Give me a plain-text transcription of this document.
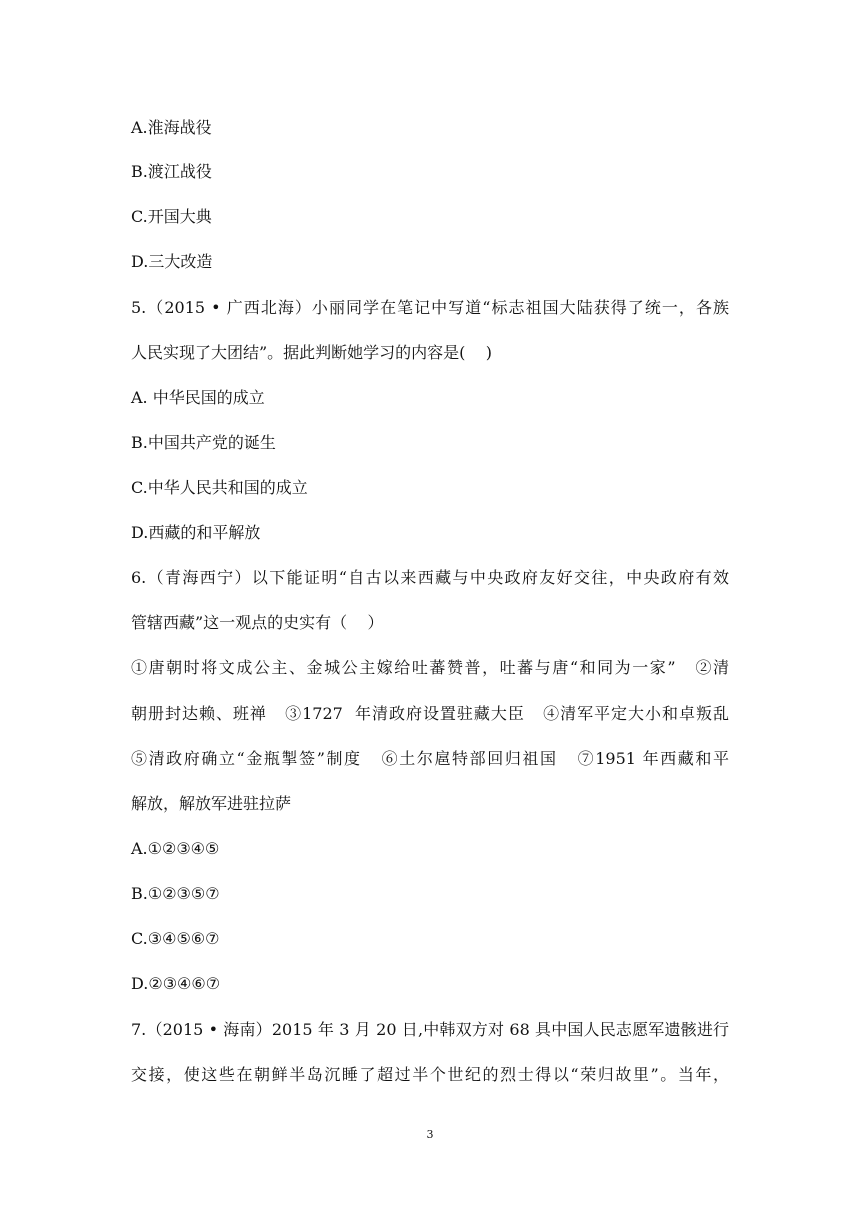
A.淮海战役
B.渡江战役
C.开国大典
D.三大改造
5.（2015 • 广西北海）小丽同学在笔记中写道“标志祖国大陆获得了统一，各族
人民实现了大团结”。据此判断她学习的内容是(    )
A. 中华民国的成立
B.中国共产党的诞生
C.中华人民共和国的成立
D.西藏的和平解放
6.（青海西宁）以下能证明“自古以来西藏与中央政府友好交往，中央政府有效
管辖西藏”这一观点的史实有（    ）
①唐朝时将文成公主、金城公主嫁给吐蕃赞普，吐蕃与唐“和同为一家”   ②清
朝册封达赖、班禅   ③1727  年清政府设置驻藏大臣   ④清军平定大小和卓叛乱
⑤清政府确立“金瓶掣签”制度   ⑥土尔扈特部回归祖国   ⑦1951 年西藏和平
解放，解放军进驻拉萨
A.①②③④⑤
B.①②③⑤⑦
C.③④⑤⑥⑦
D.②③④⑥⑦
7.（2015 • 海南）2015 年 3 月 20 日,中韩双方对 68 具中国人民志愿军遗骸进行
交接，使这些在朝鲜半岛沉睡了超过半个世纪的烈士得以“荣归故里”。当年，
3
